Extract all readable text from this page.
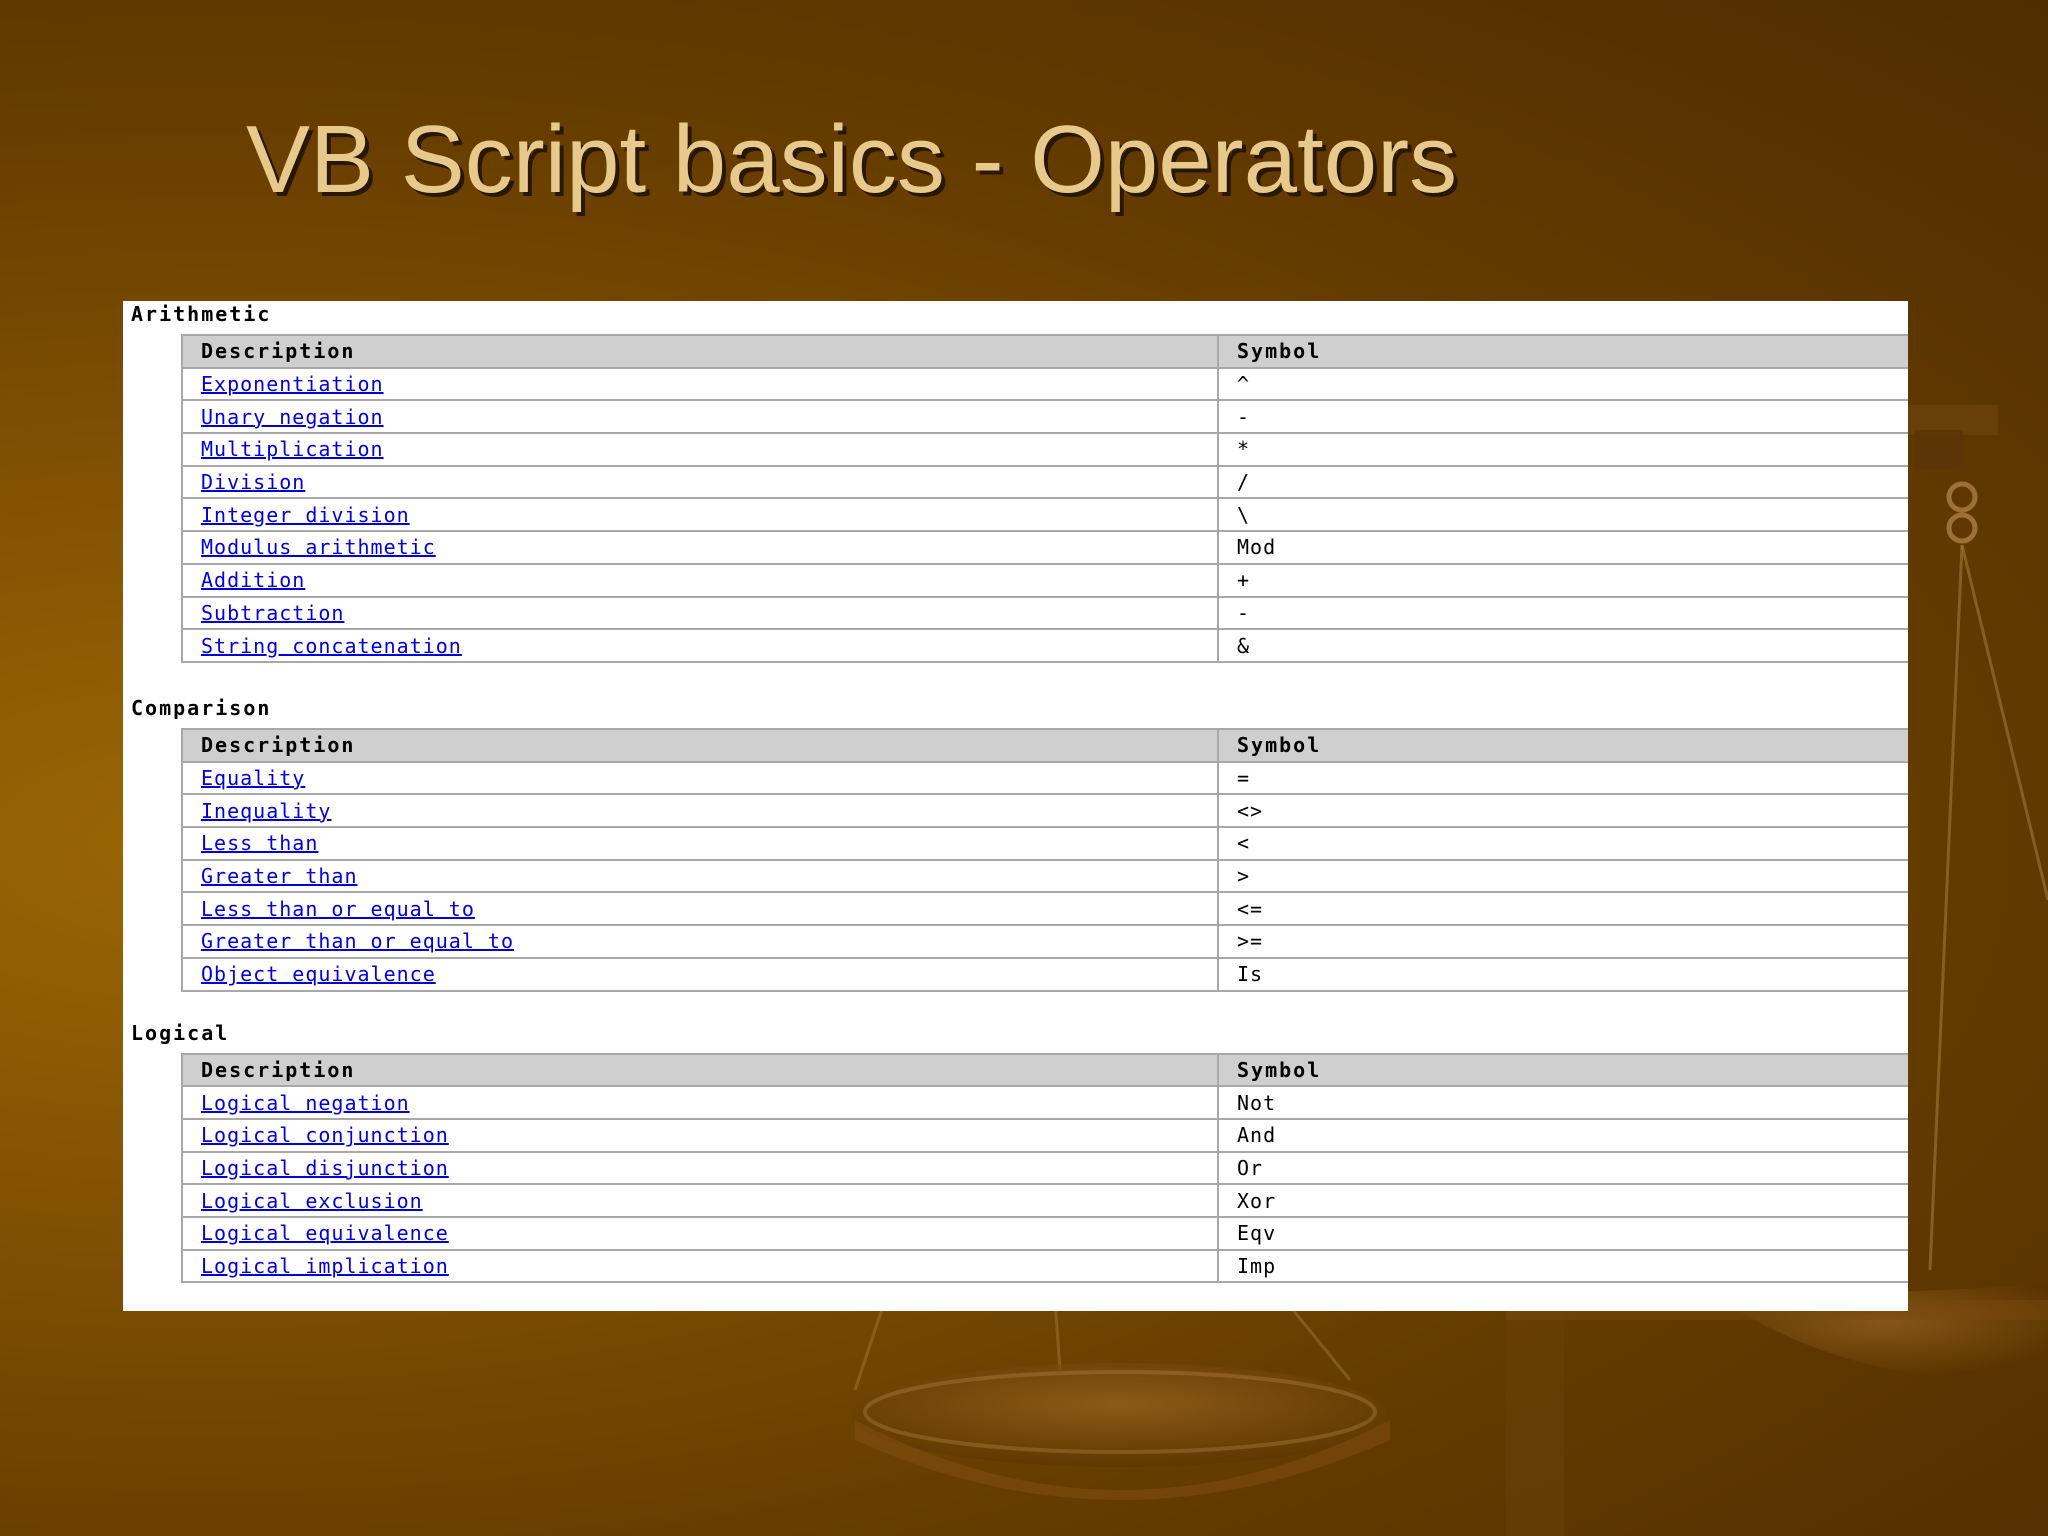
VB Script basics - Operators
Arithmetic
Description	Symbol
Exponentiation	^
Unary negation	-
Multiplication	*
Division	/
Integer division	\
Modulus arithmetic	Mod
Addition	+
Subtraction	-
String concatenation	&
Comparison
Description	Symbol
Equality	=
Inequality	<>
Less than	<
Greater than	>
Less than or equal to	<=
Greater than or equal to	>=
Object equivalence	Is
Logical
Description	Symbol
Logical negation	Not
Logical conjunction	And
Logical disjunction	Or
Logical exclusion	Xor
Logical equivalence	Eqv
Logical implication	Imp
